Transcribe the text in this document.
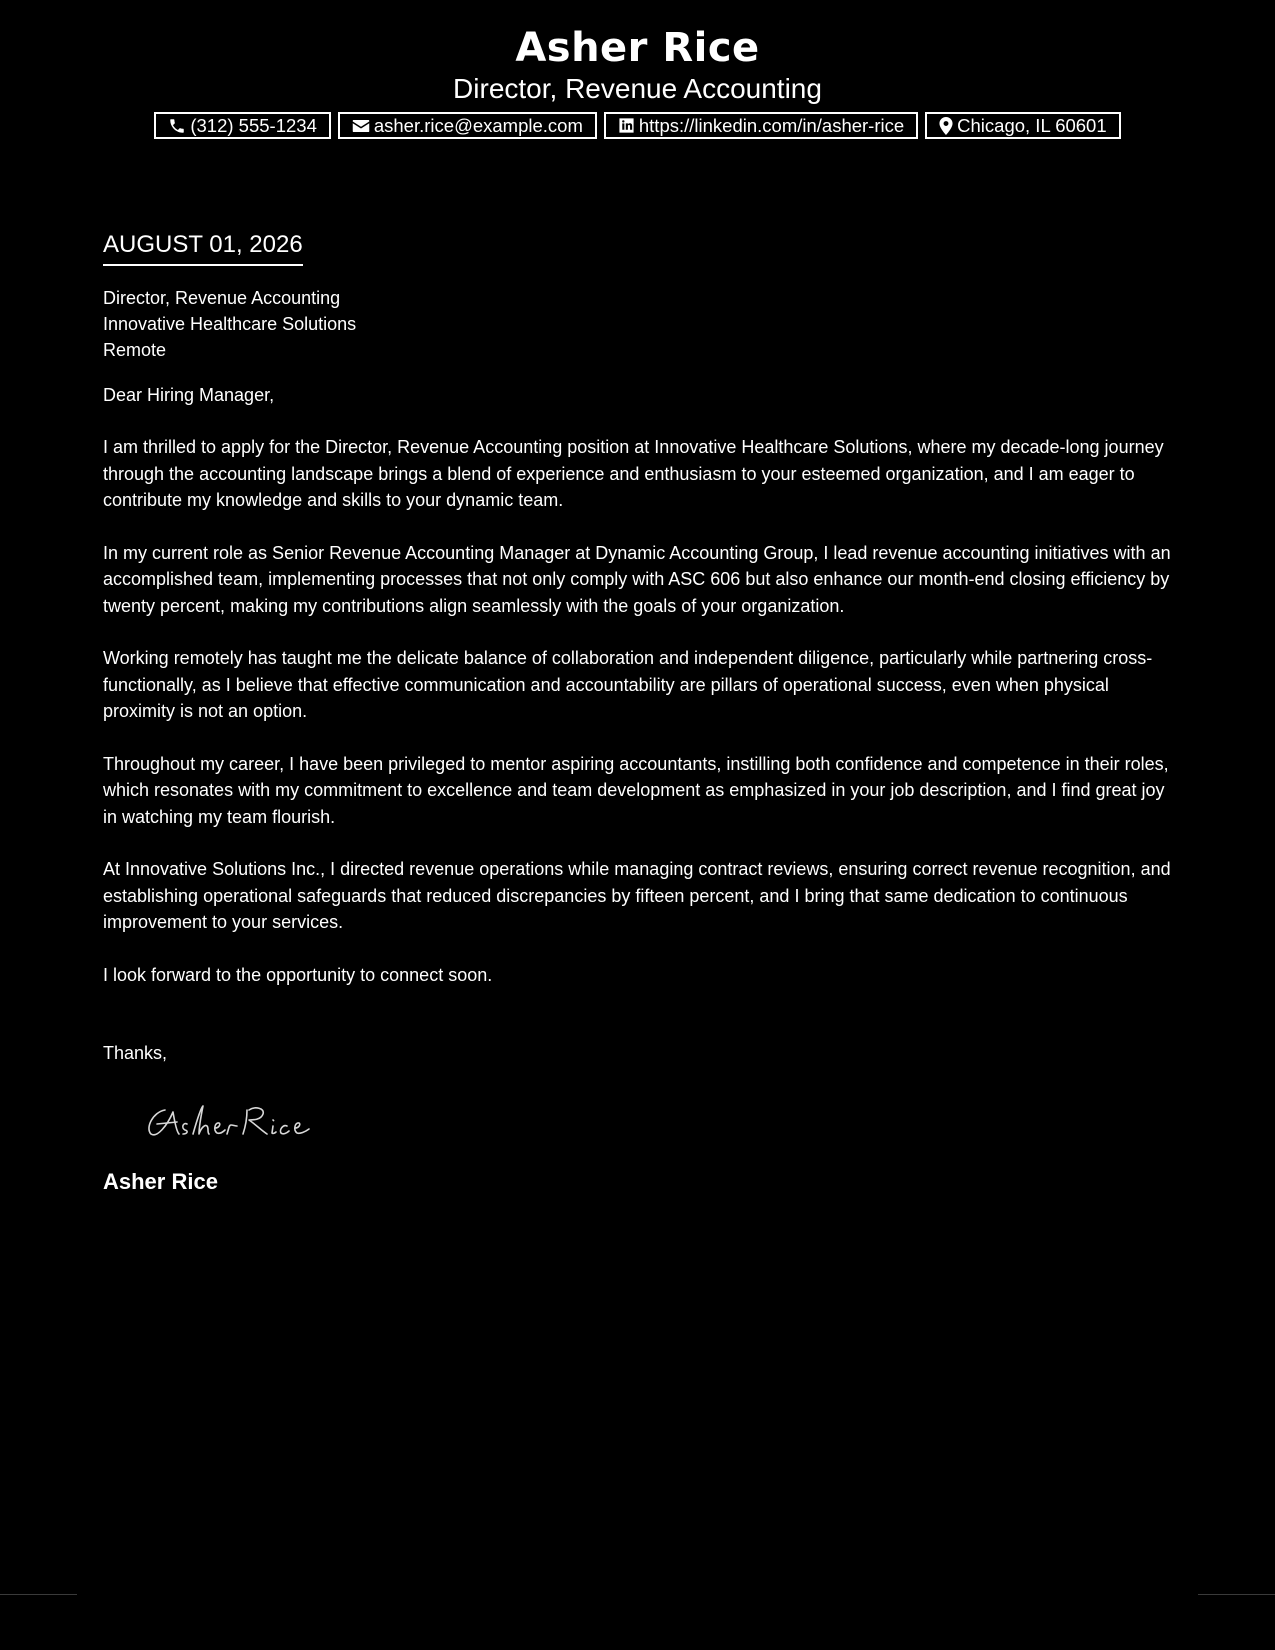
Asher Rice
Director, Revenue Accounting
(312) 555-1234	asher.rice@example.com	https://linkedin.com/in/asher-rice	Chicago, IL 60601
AUGUST 01, 2026
Director, Revenue Accounting
Innovative Healthcare Solutions
Remote
Dear Hiring Manager,

I am thrilled to apply for the Director, Revenue Accounting position at Innovative Healthcare Solutions, where my decade-long journey through the accounting landscape brings a blend of experience and enthusiasm to your esteemed organization, and I am eager to contribute my knowledge and skills to your dynamic team.

In my current role as Senior Revenue Accounting Manager at Dynamic Accounting Group, I lead revenue accounting initiatives with an accomplished team, implementing processes that not only comply with ASC 606 but also enhance our month-end closing efficiency by twenty percent, making my contributions align seamlessly with the goals of your organization.

Working remotely has taught me the delicate balance of collaboration and independent diligence, particularly while partnering cross-functionally, as I believe that effective communication and accountability are pillars of operational success, even when physical proximity is not an option.

Throughout my career, I have been privileged to mentor aspiring accountants, instilling both confidence and competence in their roles, which resonates with my commitment to excellence and team development as emphasized in your job description, and I find great joy in watching my team flourish.

At Innovative Solutions Inc., I directed revenue operations while managing contract reviews, ensuring correct revenue recognition, and establishing operational safeguards that reduced discrepancies by fifteen percent, and I bring that same dedication to continuous improvement to your services.

I look forward to the opportunity to connect soon.

Thanks,
Asher Rice
